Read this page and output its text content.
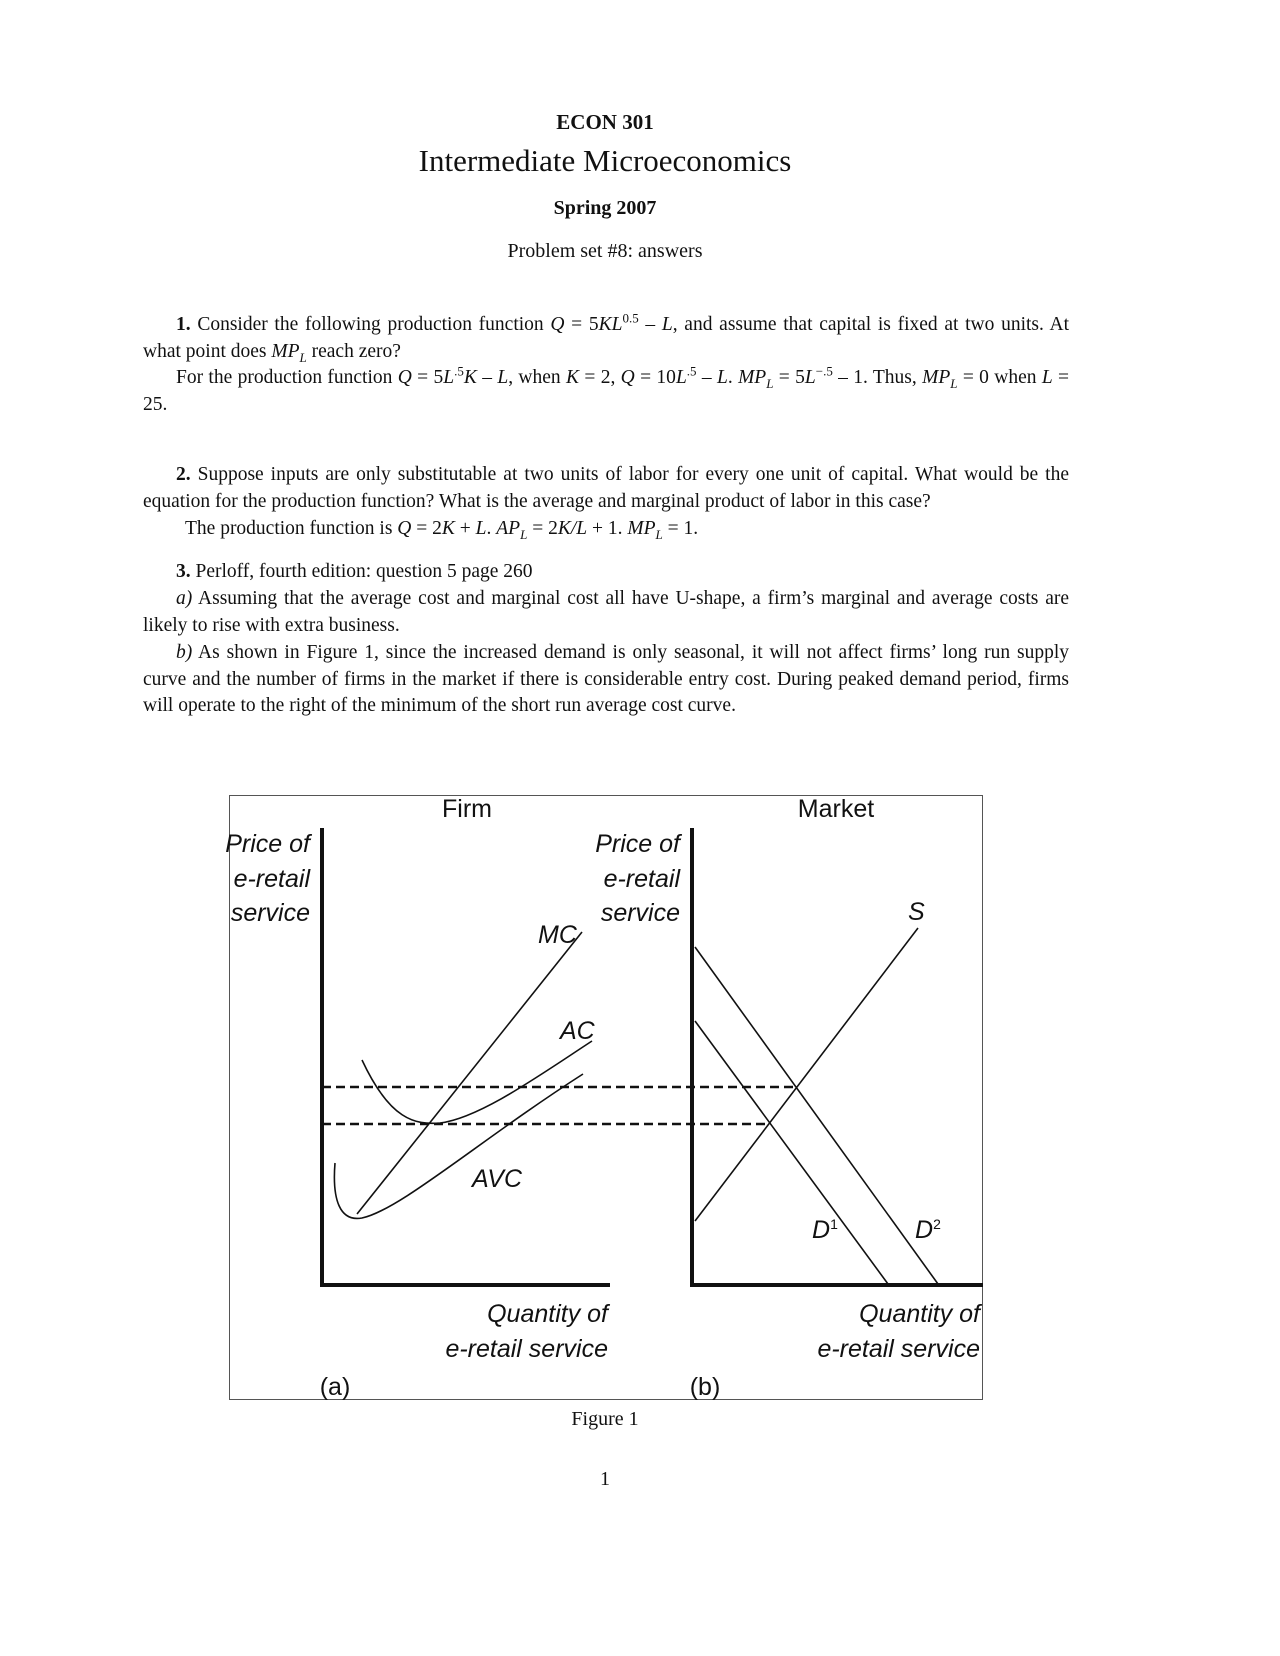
ECON 301
Intermediate Microeconomics
Spring 2007
Problem set #8: answers
1. Consider the following production function $Q = 5KL^{0.5} - L$, and assume that capital is fixed at two units. At what point does $MP_L$ reach zero?
For the production function $Q = 5L^{.5}K - L$, when K = 2, $Q = 10L^{.5} - L$. $MP_L = 5L^{-.5} - 1$. Thus, $MP_L = 0$ when L = 25.
2. Suppose inputs are only substitutable at two units of labor for every one unit of capital. What would be the equation for the production function? What is the average and marginal product of labor in this case?
The production function is Q = 2K + L. $AP_L = 2K/L + 1$. $MP_L = 1$.
3. Perloff, fourth edition: question 5 page 260
a) Assuming that the average cost and marginal cost all have U-shape, a firm’s marginal and average costs are likely to rise with extra business.
b) As shown in Figure 1, since the increased demand is only seasonal, it will not affect firms’ long run supply curve and the number of firms in the market if there is considerable entry cost. During peaked demand period, firms will operate to the right of the minimum of the short run average cost curve.
Firm
Price of
e-retail
service
MC
AC
AVC
Quantity of
e-retail service
(a)
Market
Price of
e-retail
service	S
$D^1$	$D^2$
Quantity of
e-retail service
(b)
Figure 1
1
